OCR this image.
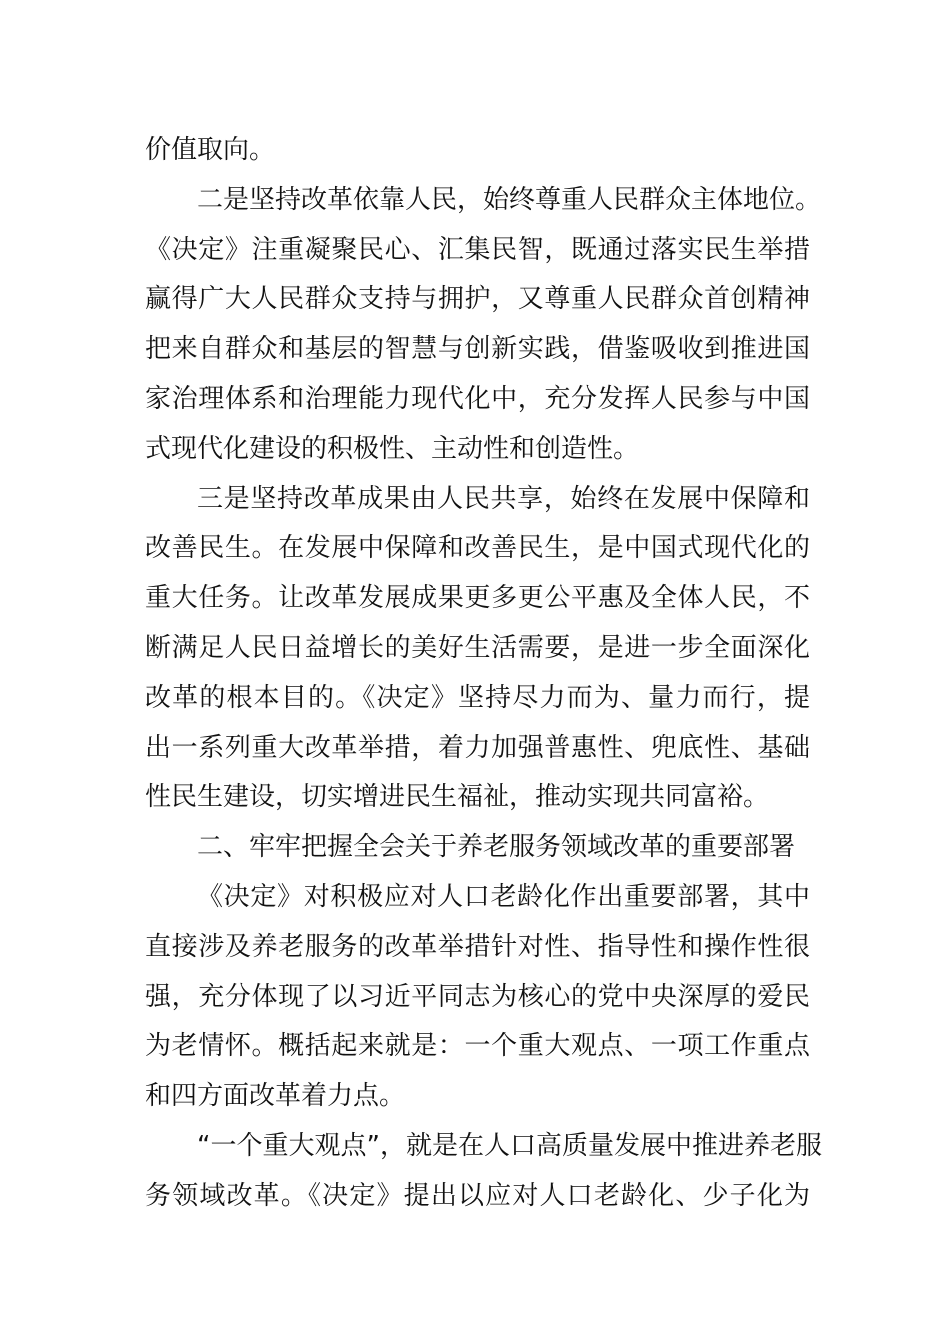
价值取向。
二是坚持改革依靠人民，始终尊重人民群众主体地位。
《决定》注重凝聚民心、汇集民智，既通过落实民生举措
赢得广大人民群众支持与拥护，又尊重人民群众首创精神
把来自群众和基层的智慧与创新实践，借鉴吸收到推进国
家治理体系和治理能力现代化中，充分发挥人民参与中国
式现代化建设的积极性、主动性和创造性。
三是坚持改革成果由人民共享，始终在发展中保障和
改善民生。在发展中保障和改善民生，是中国式现代化的
重大任务。让改革发展成果更多更公平惠及全体人民，不
断满足人民日益增长的美好生活需要，是进一步全面深化
改革的根本目的。《决定》坚持尽力而为、量力而行，提
出一系列重大改革举措，着力加强普惠性、兜底性、基础
性民生建设，切实增进民生福祉，推动实现共同富裕。
二、牢牢把握全会关于养老服务领域改革的重要部署
《决定》对积极应对人口老龄化作出重要部署，其中
直接涉及养老服务的改革举措针对性、指导性和操作性很
强，充分体现了以习近平同志为核心的党中央深厚的爱民
为老情怀。概括起来就是：一个重大观点、一项工作重点
和四方面改革着力点。
“一个重大观点”，就是在人口高质量发展中推进养老服
务领域改革。《决定》提出以应对人口老龄化、少子化为
